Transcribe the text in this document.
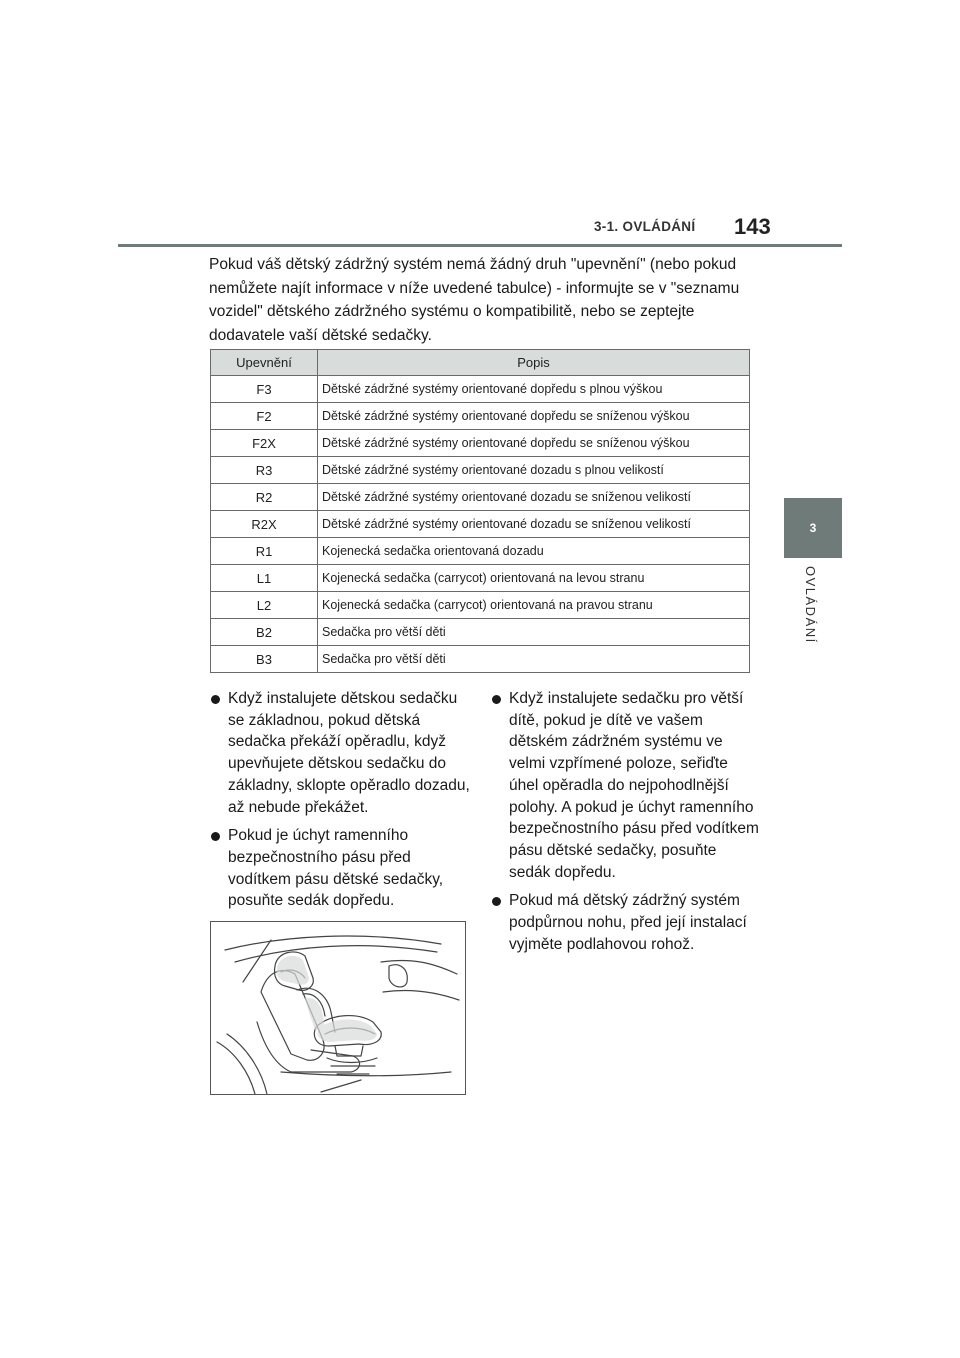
3-1. OVLÁDÁNÍ 143
3
OVLÁDÁNÍ

Pokud váš dětský zádržný systém nemá žádný druh "upevnění" (nebo pokud nemůžete najít informace v níže uvedené tabulce) - informujte se v "seznamu vozidel" dětského zádržného systému o kompatibilitě, nebo se zeptejte dodavatele vaší dětské sedačky.

Upevnění	Popis
F3	Dětské zádržné systémy orientované dopředu s plnou výškou
F2	Dětské zádržné systémy orientované dopředu se sníženou výškou
F2X	Dětské zádržné systémy orientované dopředu se sníženou výškou
R3	Dětské zádržné systémy orientované dozadu s plnou velikostí
R2	Dětské zádržné systémy orientované dozadu se sníženou velikostí
R2X	Dětské zádržné systémy orientované dozadu se sníženou velikostí
R1	Kojenecká sedačka orientovaná dozadu
L1	Kojenecká sedačka (carrycot) orientovaná na levou stranu
L2	Kojenecká sedačka (carrycot) orientovaná na pravou stranu
B2	Sedačka pro větší děti
B3	Sedačka pro větší děti
Když instalujete dětskou sedačku se základnou, pokud dětská sedačka překáží opěradlu, když upevňujete dětskou sedačku do základny, sklopte opěradlo dozadu, až nebude překážet.
Pokud je úchyt ramenního bezpečnostního pásu před vodítkem pásu dětské sedačky, posuňte sedák dopředu.
Když instalujete sedačku pro větší dítě, pokud je dítě ve vašem dětském zádržném systému ve velmi vzpřímené poloze, seřiďte úhel opěradla do nejpohodlnější polohy. A pokud je úchyt ramenního bezpečnostního pásu před vodítkem pásu dětské sedačky, posuňte sedák dopředu.
Pokud má dětský zádržný systém podpůrnou nohu, před její instalací vyjměte podlahovou rohož.
